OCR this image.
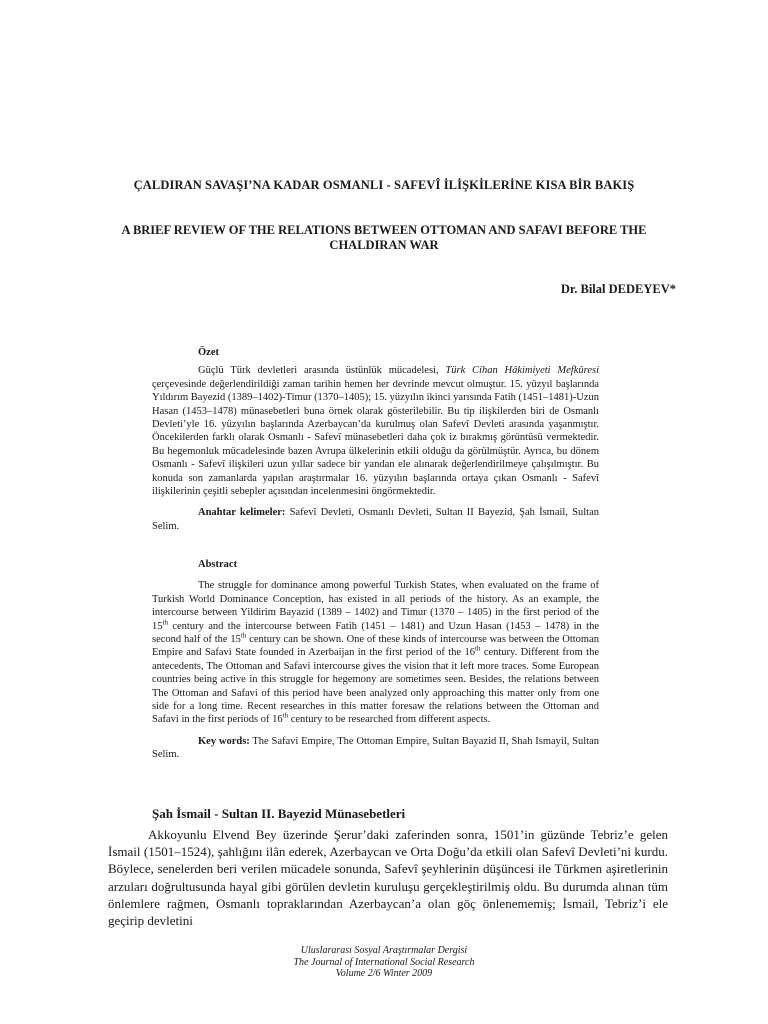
ÇALDIRAN SAVAŞI’NA KADAR OSMANLI - SAFEVÎ İLİŞKİLERİNE KISA BİR BAKIŞ
A BRIEF REVIEW OF THE RELATIONS BETWEEN OTTOMAN AND SAFAVI BEFORE THE CHALDIRAN WAR
Dr. Bilal DEDEYEV*
Özet

Güçlü Türk devletleri arasında üstünlük mücadelesi, Türk Cihan Hâkimiyeti Mefkûresi çerçevesinde değerlendirildiği zaman tarihin hemen her devrinde mevcut olmuştur. 15. yüzyıl başlarında Yıldırım Bayezid (1389–1402)-Timur (1370–1405); 15. yüzyılın ikinci yarısında Fatih (1451–1481)-Uzun Hasan (1453–1478) münasebetleri buna örnek olarak gösterilebilir. Bu tip ilişkilerden biri de Osmanlı Devleti’yle 16. yüzyılın başlarında Azerbaycan’da kurulmuş olan Safevî Devleti arasında yaşanmıştır. Öncekilerden farklı olarak Osmanlı - Safevî münasebetleri daha çok iz bırakmış görüntüsü vermektedir. Bu hegemonluk mücadelesinde bazen Avrupa ülkelerinin etkili olduğu da görülmüştür. Ayrıca, bu dönem Osmanlı - Safevî ilişkileri uzun yıllar sadece bir yandan ele alınarak değerlendirilmeye çalışılmıştır. Bu konuda son zamanlarda yapılan araştırmalar 16. yüzyılın başlarında ortaya çıkan Osmanlı - Safevî ilişkilerinin çeşitli sebepler açısından incelenmesini öngörmektedir.

Anahtar kelimeler: Safevî Devleti, Osmanlı Devleti, Sultan II Bayezid, Şah İsmail, Sultan Selim.

Abstract

The struggle for dominance among powerful Turkish States, when evaluated on the frame of Turkish World Dominance Conception, has existed in all periods of the history. As an example, the intercourse between Yildirim Bayazid (1389 – 1402) and Timur (1370 – 1405) in the first period of the 15th century and the intercourse between Fatih (1451 – 1481) and Uzun Hasan (1453 – 1478) in the second half of the 15th century can be shown. One of these kinds of intercourse was between the Ottoman Empire and Safavi State founded in Azerbaijan in the first period of the 16th century. Different from the antecedents, The Ottoman and Safavi intercourse gives the vision that it left more traces. Some European countries being active in this struggle for hegemony are sometimes seen. Besides, the relations between The Ottoman and Safavi of this period have been analyzed only approaching this matter only from one side for a long time. Recent researches in this matter foresaw the relations between the Ottoman and Safavi in the first periods of 16th century to be researched from different aspects.

Key words: The Safavi Empire, The Ottoman Empire, Sultan Bayazid II, Shah Ismayil, Sultan Selim.

Şah İsmail - Sultan II. Bayezid Münasebetleri

Akkoyunlu Elvend Bey üzerinde Şerur’daki zaferinden sonra, 1501’in güzünde Tebriz’e gelen İsmail (1501–1524), şahlığını ilân ederek, Azerbaycan ve Orta Doğu’da etkili olan Safevî Devleti’ni kurdu. Böylece, senelerden beri verilen mücadele sonunda, Safevî şeyhlerinin düşüncesi ile Türkmen aşiretlerinin arzuları doğrultusunda hayal gibi görülen devletin kuruluşu gerçekleştirilmiş oldu. Bu durumda alınan tüm önlemlere rağmen, Osmanlı topraklarından Azerbaycan’a olan göç önlenememiş; İsmail, Tebriz’i ele geçirip devletini

Uluslararası Sosyal Araştırmalar Dergisi
The Journal of International Social Research
Volume 2/6 Winter 2009
